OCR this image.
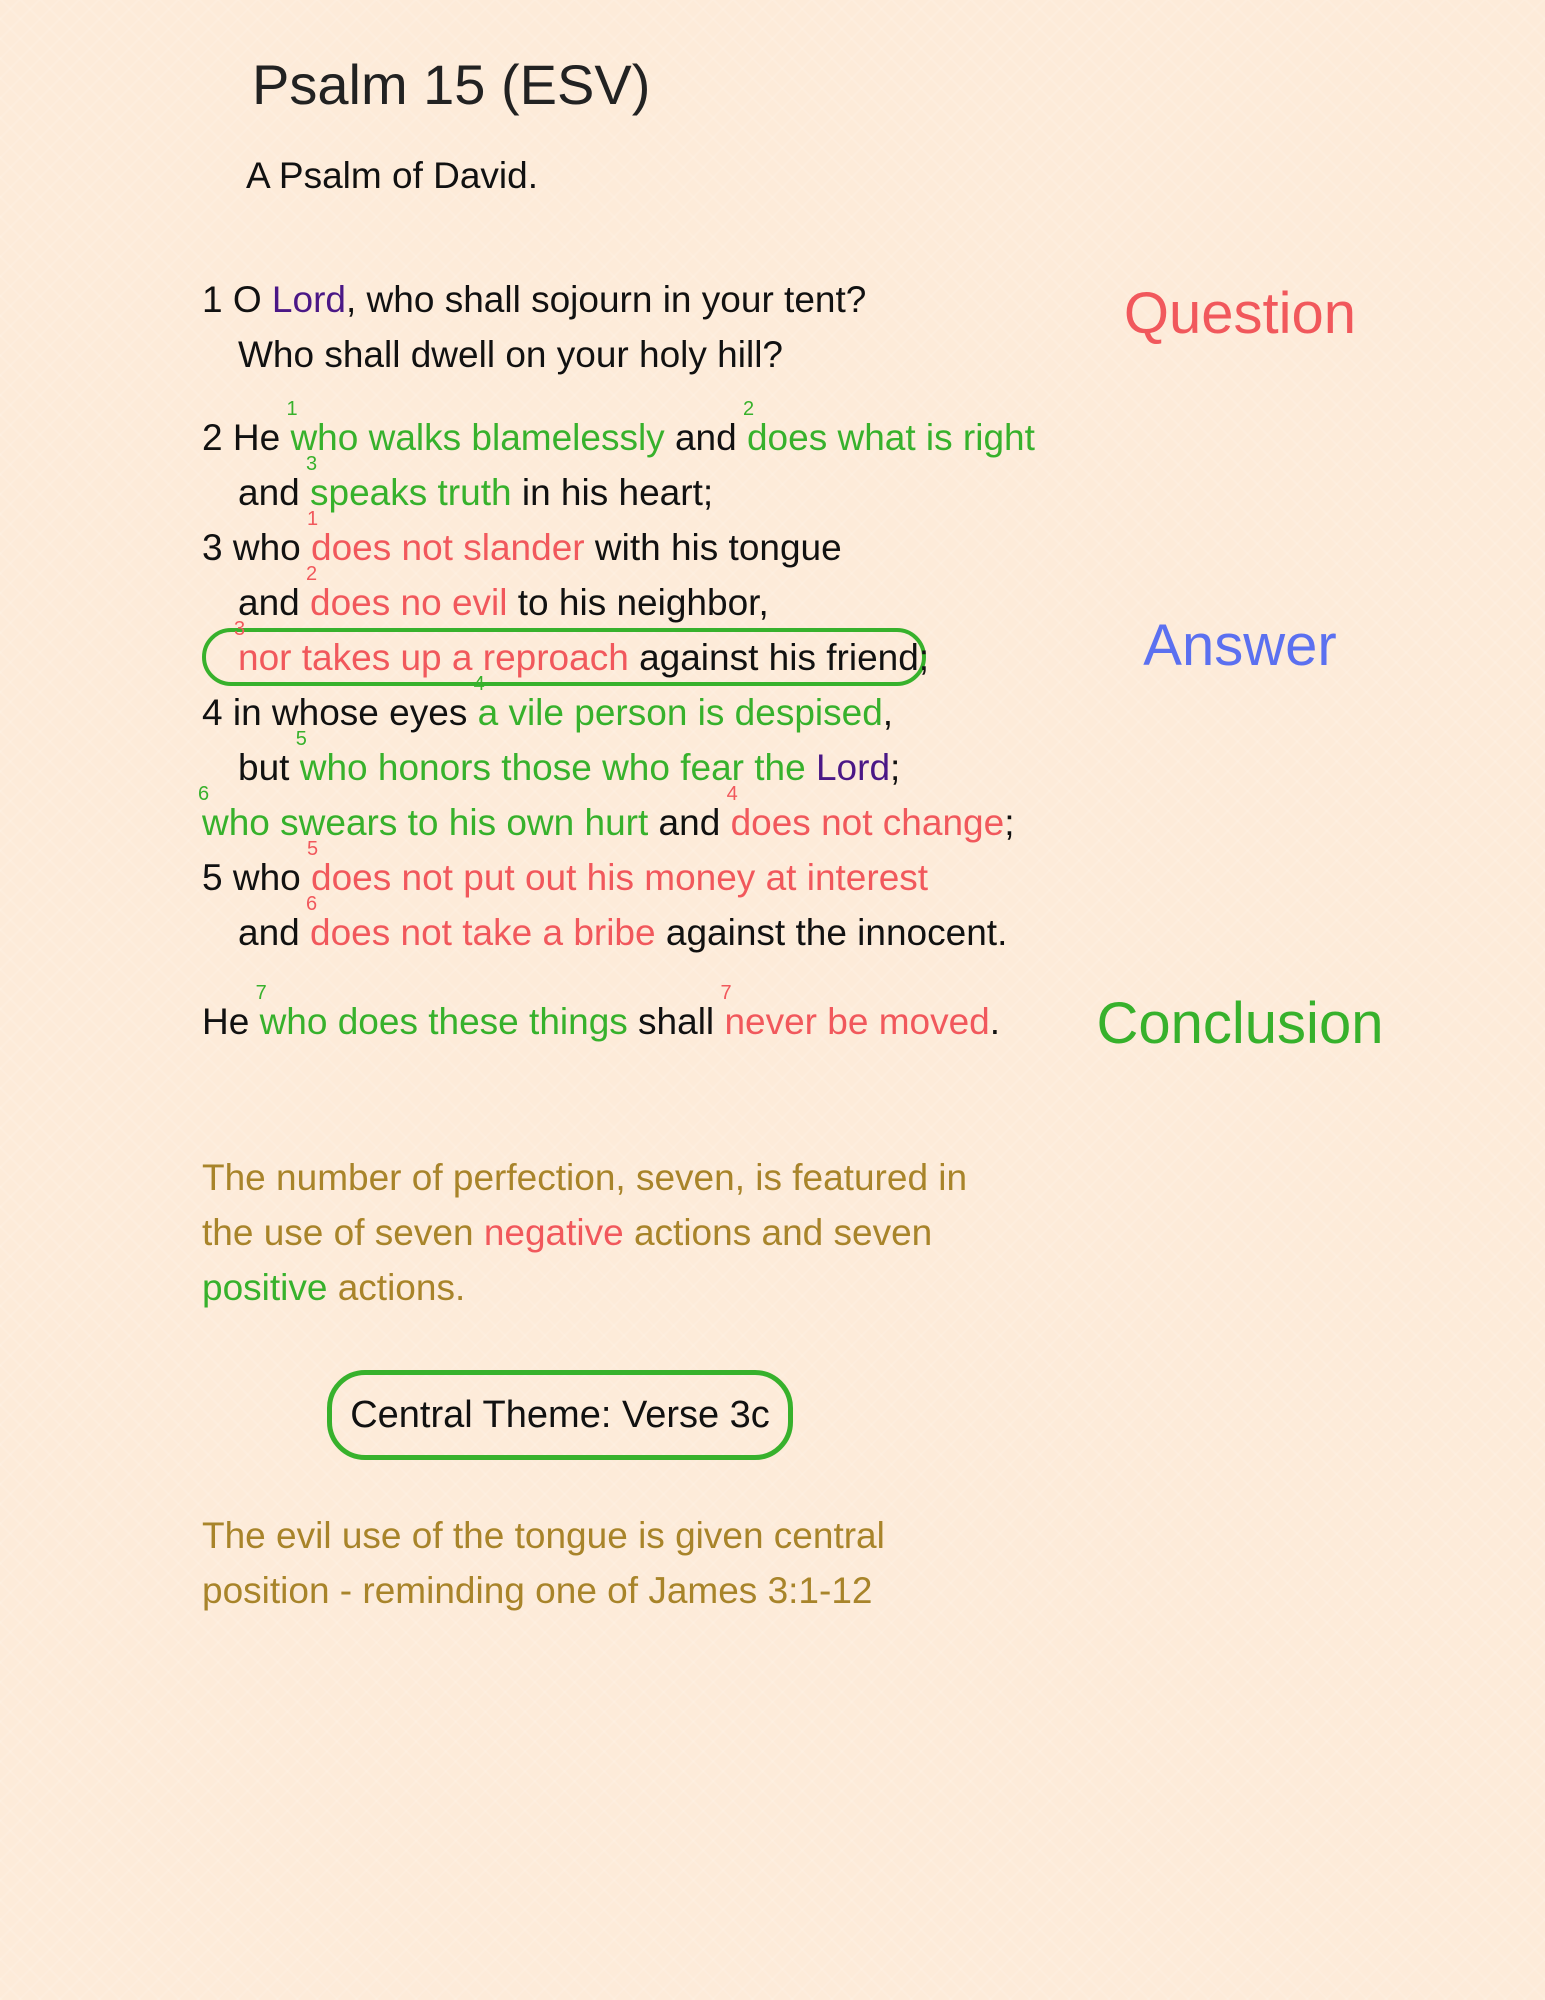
Psalm 15 (ESV)
A Psalm of David.
1 O Lord, who shall sojourn in your tent?
Who shall dwell on your holy hill?
2 He
1
who walks blamelessly and
2
does what is right
and
3
speaks truth in his heart;
3 who
1
does not slander with his tongue
and
2
does no evil to his neighbor,
3
nor takes up a reproach against his friend;
4 in whose eyes
4
a vile person is despised,
but
5
who honors those who fear the Lord;
6
who swears to his own hurt and
4
does not change;
5 who
5
does not put out his money at interest
and
6
does not take a bribe against the innocent.
He
7
who does these things shall
7
never be moved.
Question
Answer
Conclusion
The number of perfection, seven, is featured in
the use of seven negative actions and seven
positive actions.
Central Theme: Verse 3c
The evil use of the tongue is given central
position - reminding one of James 3:1-12
